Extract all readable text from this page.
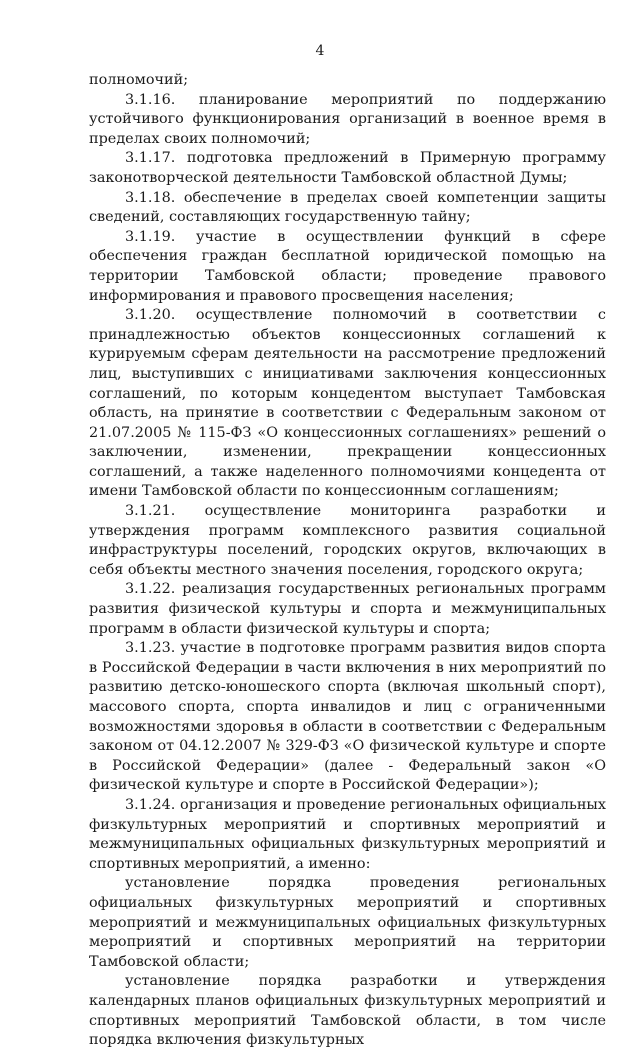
4

полномочий;

3.1.16. планирование мероприятий по поддержанию устойчивого функционирования организаций в военное время в пределах своих полномочий;

3.1.17. подготовка предложений в Примерную программу законотворческой деятельности Тамбовской областной Думы;

3.1.18. обеспечение в пределах своей компетенции защиты сведений, составляющих государственную тайну;

3.1.19. участие в осуществлении функций в сфере обеспечения граждан бесплатной юридической помощью на территории Тамбовской области; проведение правового информирования и правового просвещения населения;

3.1.20. осуществление полномочий в соответствии с принадлежностью объектов концессионных соглашений к курируемым сферам деятельности на рассмотрение предложений лиц, выступивших с инициативами заключения концессионных соглашений, по которым концедентом выступает Тамбовская область, на принятие в соответствии с Федеральным законом от 21.07.2005 № 115-ФЗ «О концессионных соглашениях» решений о заключении, изменении, прекращении концессионных соглашений, а также наделенного полномочиями концедента от имени Тамбовской области по концессионным соглашениям;

3.1.21. осуществление мониторинга разработки и утверждения программ комплексного развития социальной инфраструктуры поселений, городских округов, включающих в себя объекты местного значения поселения, городского округа;

3.1.22. реализация государственных региональных программ развития физической культуры и спорта и межмуниципальных программ в области физической культуры и спорта;

3.1.23. участие в подготовке программ развития видов спорта в Российской Федерации в части включения в них мероприятий по развитию детско-юношеского спорта (включая школьный спорт), массового спорта, спорта инвалидов и лиц с ограниченными возможностями здоровья в области в соответствии с Федеральным законом от 04.12.2007 № 329-ФЗ «О физической культуре и спорте в Российской Федерации» (далее - Федеральный закон «О физической культуре и спорте в Российской Федерации»);

3.1.24. организация и проведение региональных официальных физкультурных мероприятий и спортивных мероприятий и межмуниципальных официальных физкультурных мероприятий и спортивных мероприятий, а именно:

установление порядка проведения региональных официальных физкультурных мероприятий и спортивных мероприятий и межмуниципальных официальных физкультурных мероприятий и спортивных мероприятий на территории Тамбовской области;

установление порядка разработки и утверждения календарных планов официальных физкультурных мероприятий и спортивных мероприятий Тамбовской области, в том числе порядка включения физкультурных
